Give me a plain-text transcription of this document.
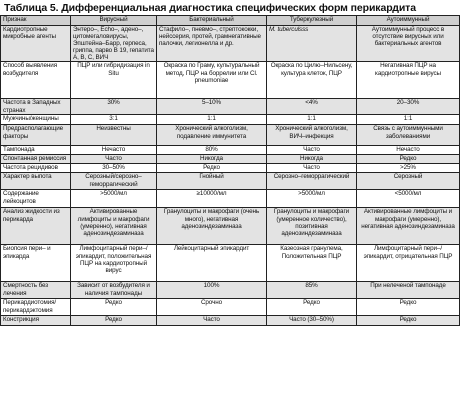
Таблица 5. Дифференциальная диагностика специфических форм перикардита
Признак	Вирусный	Бактериальный	Туберкулезный	Аутоиммунный
Кардиотропные микробные агенты	Энтеро–, Есhо–, адено–, цитомегаловирусы, Эпштейна–Барр, герпеса, гриппа, парво В 19, гепатита А, В, С, ВИЧ	Стафило–, пневмо–, стрептококки, нейссерия, протей, грамнегативные палочки, легионелла и др.	M. tuberculsss	Аутоиммунный процесс в отсутствие вирусных или бактериальных агентов
Способ выявления возбудителя	ПЦР или гибридизация in Situ	Окраска по Граму, культуральный метод, ПЦР на боррелии или Cl. pneumoniae	Окраска по Цилю–Нильсену, культура клеток, ПЦР	Негативная ПЦР на кардиотропные вирусы
Частота в Западных странах	30%	5–10%	<4%	20–30%
Мужчины/женщины	3:1	1:1	1:1	1:1
Предрасполагающие факторы	Неизвестны	Хронический алкоголизм, подавление иммунитета	Хронический алкоголизм, ВИЧ–инфекция	Связь с аутоиммунными заболеваниями
Тампонада	Нечасто	80%	Часто	Нечасто
Спонтанная ремиссия	Часто	Никогда	Никогда	Редко
Частота рецидивов	30–50%	Редко	Часто	>25%
Характер выпота	Серозный/серозно–геморрагический	Гнойный	Серозно–геморрагический	Серозный
Содержание лейкоцитов	>5000/мл	≥10000/мл	>5000/мл	<5000/мл
Анализ жидкости из перикарда	Активированные лимфоциты и макрофаги (умеренно), негативная аденозиндезаминаза	Гранулоциты и макрофаги (очень много), негативная аденозиндезаминаза	Гранулоциты и макрофаги (умеренное количество), позитивная аденозиндезаминаза	Активированные лимфоциты и макрофаги (умеренно), негативная аденозиндезаминаза
Биопсия пери– и эпикарда	Лимфоцитарный пери–/эпикардит, положительная ПЦР на кардиотропный вирус	Лейкоцитарный эпикардит	Казеозная гранулема, Положительная ПЦР	Лимфоцитарный пери–/эпикардит, отрицательная ПЦР
Смертность без лечения	Зависит от возбудителя и наличия тампонады	100%	85%	При нелеченой тампонаде
Перикардиотомия/перикардэктомия	Редко	Срочно	Редко	Редко
Констрикция	Редко	Часто	Часто (30–50%)	Редко
